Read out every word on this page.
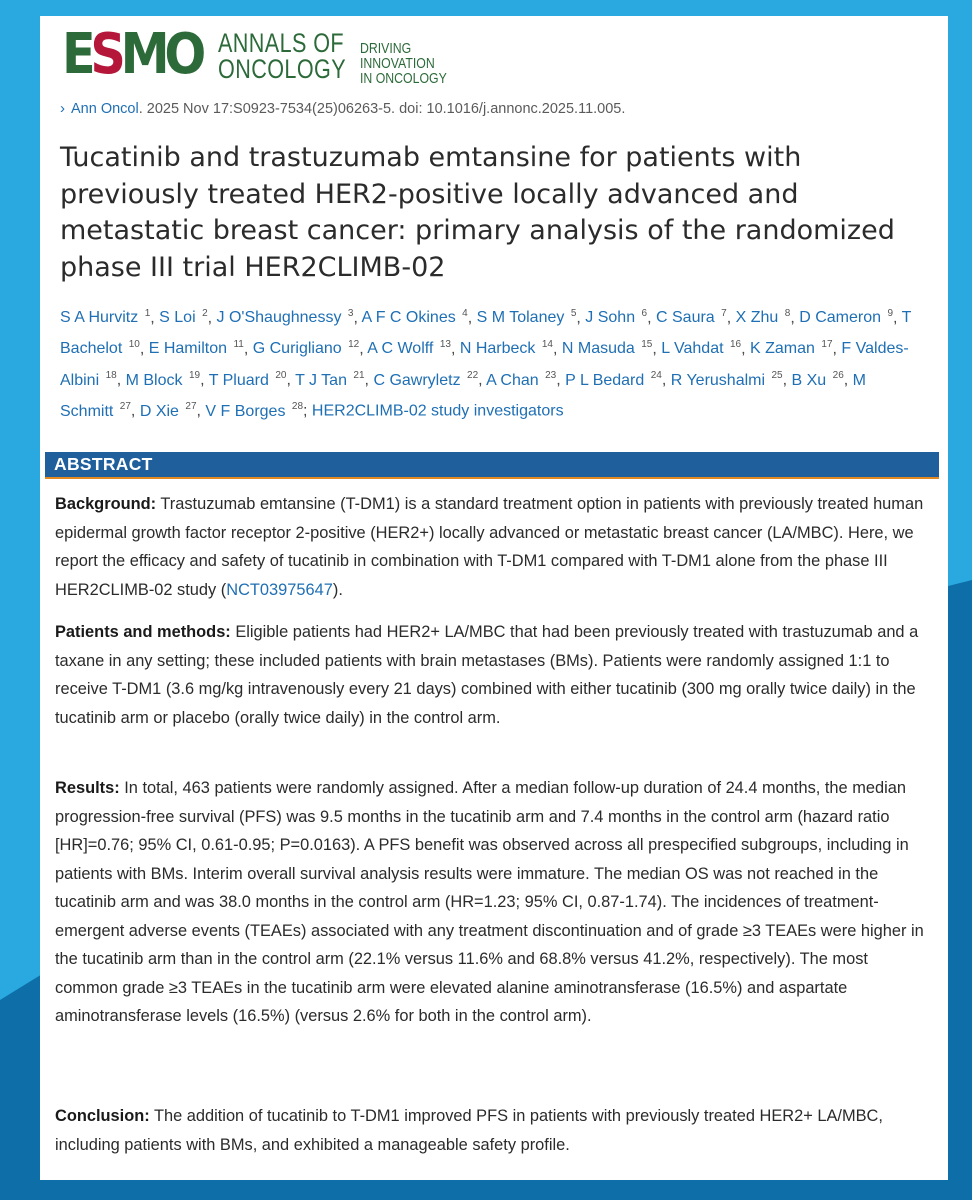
E S M O ANNALS OF
ONCOLOGY
DRIVING INNOVATION
IN ONCOLOGY
› Ann Oncol. 2025 Nov 17:S0923-7534(25)06263-5. doi: 10.1016/j.annonc.2025.11.005.
Tucatinib and trastuzumab emtansine for patients with previously treated HER2-positive locally advanced and metastatic breast cancer: primary analysis of the randomized phase III trial HER2CLIMB-02
S A Hurvitz $^1$, S Loi $^2$, J O'Shaughnessy $^3$, A F C Okines $^4$, S M Tolaney $^5$, J Sohn $^6$, C Saura $^7$, X Zhu $^8$, D Cameron $^9$, T Bachelot $^{10}$, E Hamilton $^{11}$, G Curigliano $^{12}$, A C Wolff $^{13}$, N Harbeck $^{14}$, N Masuda $^{15}$, L Vahdat $^{16}$, K Zaman $^{17}$, F Valdes-Albini $^{18}$, M Block $^{19}$, T Pluard $^{20}$, T J Tan $^{21}$, C Gawryletz $^{22}$, A Chan $^{23}$, P L Bedard $^{24}$, R Yerushalmi $^{25}$, B Xu $^{26}$, M Schmitt $^{27}$, D Xie $^{27}$, V F Borges $^{28}$; HER2CLIMB-02 study investigators
ABSTRACT

Background: Trastuzumab emtansine (T-DM1) is a standard treatment option in patients with previously treated human epidermal growth factor receptor 2-positive (HER2+) locally advanced or metastatic breast cancer (LA/MBC). Here, we report the efficacy and safety of tucatinib in combination with T-DM1 compared with T-DM1 alone from the phase III HER2CLIMB-02 study (NCT03975647).

Patients and methods: Eligible patients had HER2+ LA/MBC that had been previously treated with trastuzumab and a taxane in any setting; these included patients with brain metastases (BMs). Patients were randomly assigned 1:1 to receive T-DM1 (3.6 mg/kg intravenously every 21 days) combined with either tucatinib (300 mg orally twice daily) in the tucatinib arm or placebo (orally twice daily) in the control arm.

Results: In total, 463 patients were randomly assigned. After a median follow-up duration of 24.4 months, the median progression-free survival (PFS) was 9.5 months in the tucatinib arm and 7.4 months in the control arm (hazard ratio [HR]=0.76; 95% CI, 0.61-0.95; P=0.0163). A PFS benefit was observed across all prespecified subgroups, including in patients with BMs. Interim overall survival analysis results were immature. The median OS was not reached in the tucatinib arm and was 38.0 months in the control arm (HR=1.23; 95% CI, 0.87-1.74). The incidences of treatment-emergent adverse events (TEAEs) associated with any treatment discontinuation and of grade ≥3 TEAEs were higher in the tucatinib arm than in the control arm (22.1% versus 11.6% and 68.8% versus 41.2%, respectively). The most common grade ≥3 TEAEs in the tucatinib arm were elevated alanine aminotransferase (16.5%) and aspartate aminotransferase levels (16.5%) (versus 2.6% for both in the control arm).

Conclusion: The addition of tucatinib to T-DM1 improved PFS in patients with previously treated HER2+ LA/MBC, including patients with BMs, and exhibited a manageable safety profile.
